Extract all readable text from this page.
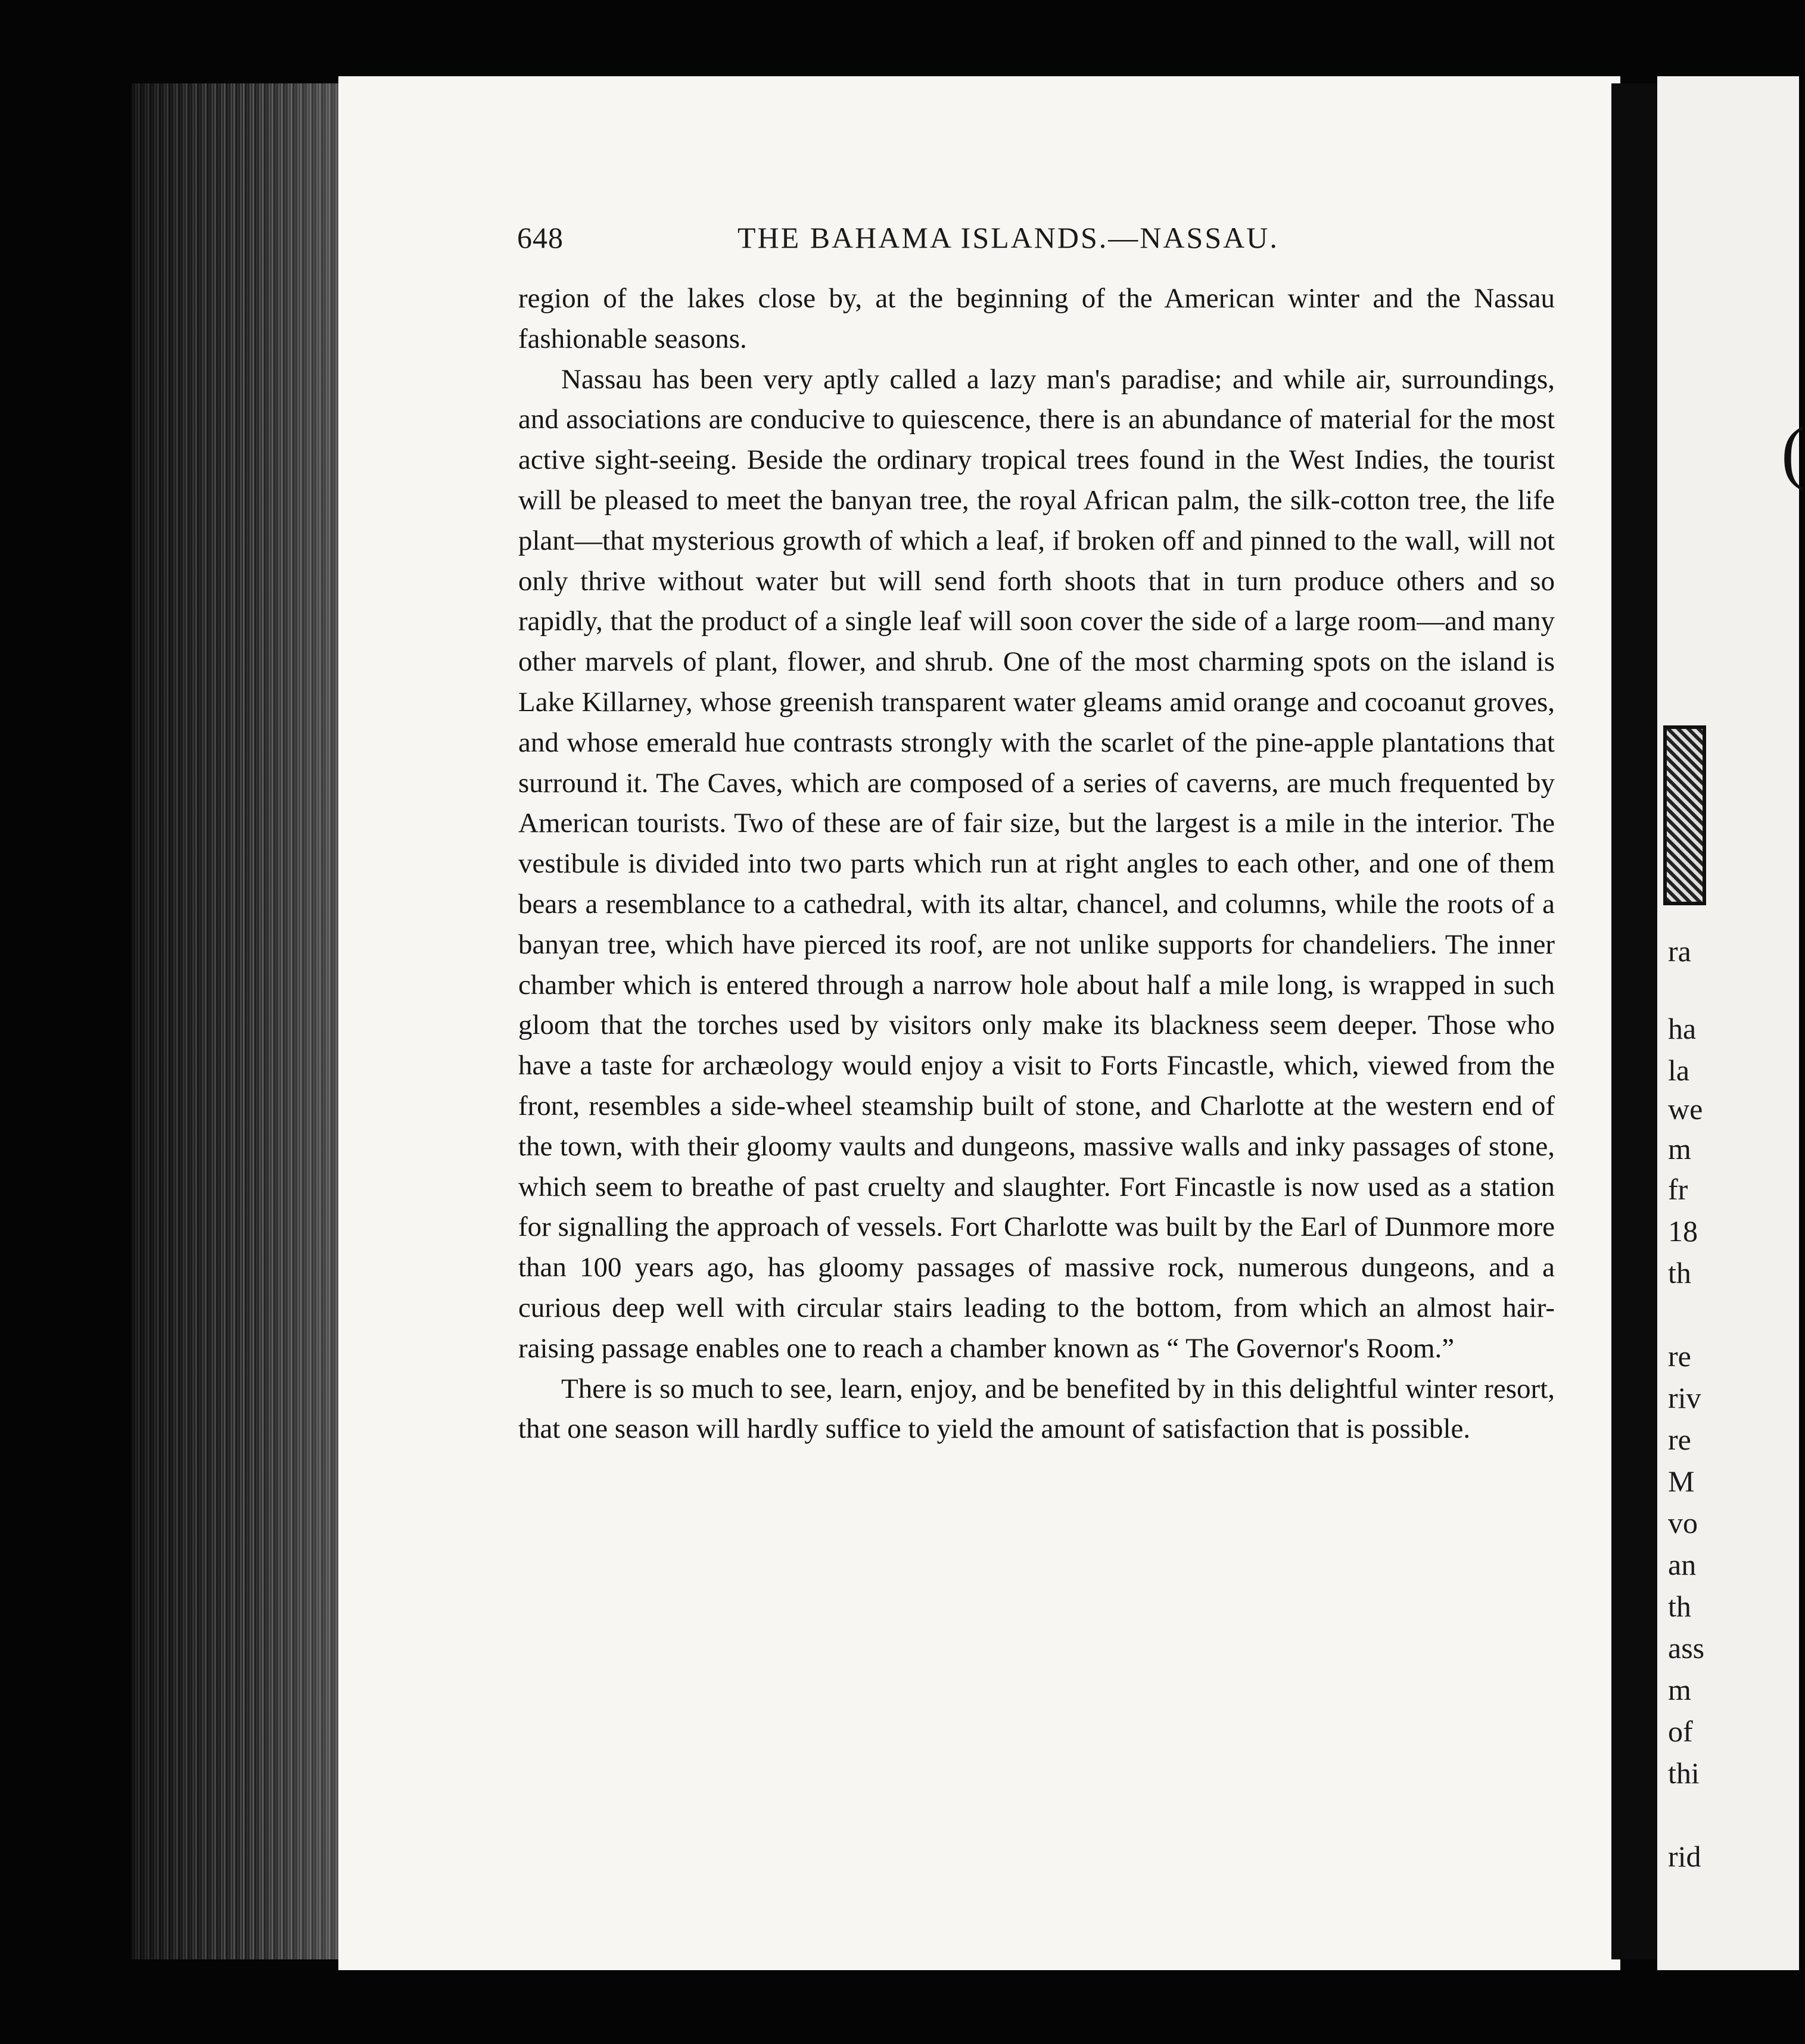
648	THE BAHAMA ISLANDS.—NASSAU.

region of the lakes close by, at the beginning of the American winter and the Nassau fashionable seasons.

Nassau has been very aptly called a lazy man's paradise; and while air, surroundings, and associations are conducive to quiescence, there is an abundance of material for the most active sight-seeing. Beside the ordinary tropical trees found in the West Indies, the tourist will be pleased to meet the banyan tree, the royal African palm, the silk-cotton tree, the life plant—that mysterious growth of which a leaf, if broken off and pinned to the wall, will not only thrive without water but will send forth shoots that in turn produce others and so rapidly, that the product of a single leaf will soon cover the side of a large room—and many other marvels of plant, flower, and shrub. One of the most charming spots on the island is Lake Killarney, whose greenish transparent water gleams amid orange and cocoanut groves, and whose emerald hue contrasts strongly with the scarlet of the pine-apple plantations that surround it. The Caves, which are composed of a series of caverns, are much frequented by American tourists. Two of these are of fair size, but the largest is a mile in the interior. The vestibule is divided into two parts which run at right angles to each other, and one of them bears a resemblance to a cathedral, with its altar, chancel, and columns, while the roots of a banyan tree, which have pierced its roof, are not unlike supports for chandeliers. The inner chamber which is entered through a narrow hole about half a mile long, is wrapped in such gloom that the torches used by visitors only make its blackness seem deeper. Those who have a taste for archæology would enjoy a visit to Forts Fincastle, which, viewed from the front, resembles a side-wheel steamship built of stone, and Charlotte at the western end of the town, with their gloomy vaults and dungeons, massive walls and inky passages of stone, which seem to breathe of past cruelty and slaughter. Fort Fincastle is now used as a station for signalling the approach of vessels. Fort Charlotte was built by the Earl of Dunmore more than 100 years ago, has gloomy passages of massive rock, numerous dungeons, and a curious deep well with circular stairs leading to the bottom, from which an almost hair-raising passage enables one to reach a chamber known as “ The Governor's Room.”

There is so much to see, learn, enjoy, and be benefited by in this delightful winter resort, that one season will hardly suffice to yield the amount of satisfaction that is possible.

ra
ha
la
we
m
fr
18
th
re
riv
re
M
vo
an
th
ass
m
of
thi
rid
(
